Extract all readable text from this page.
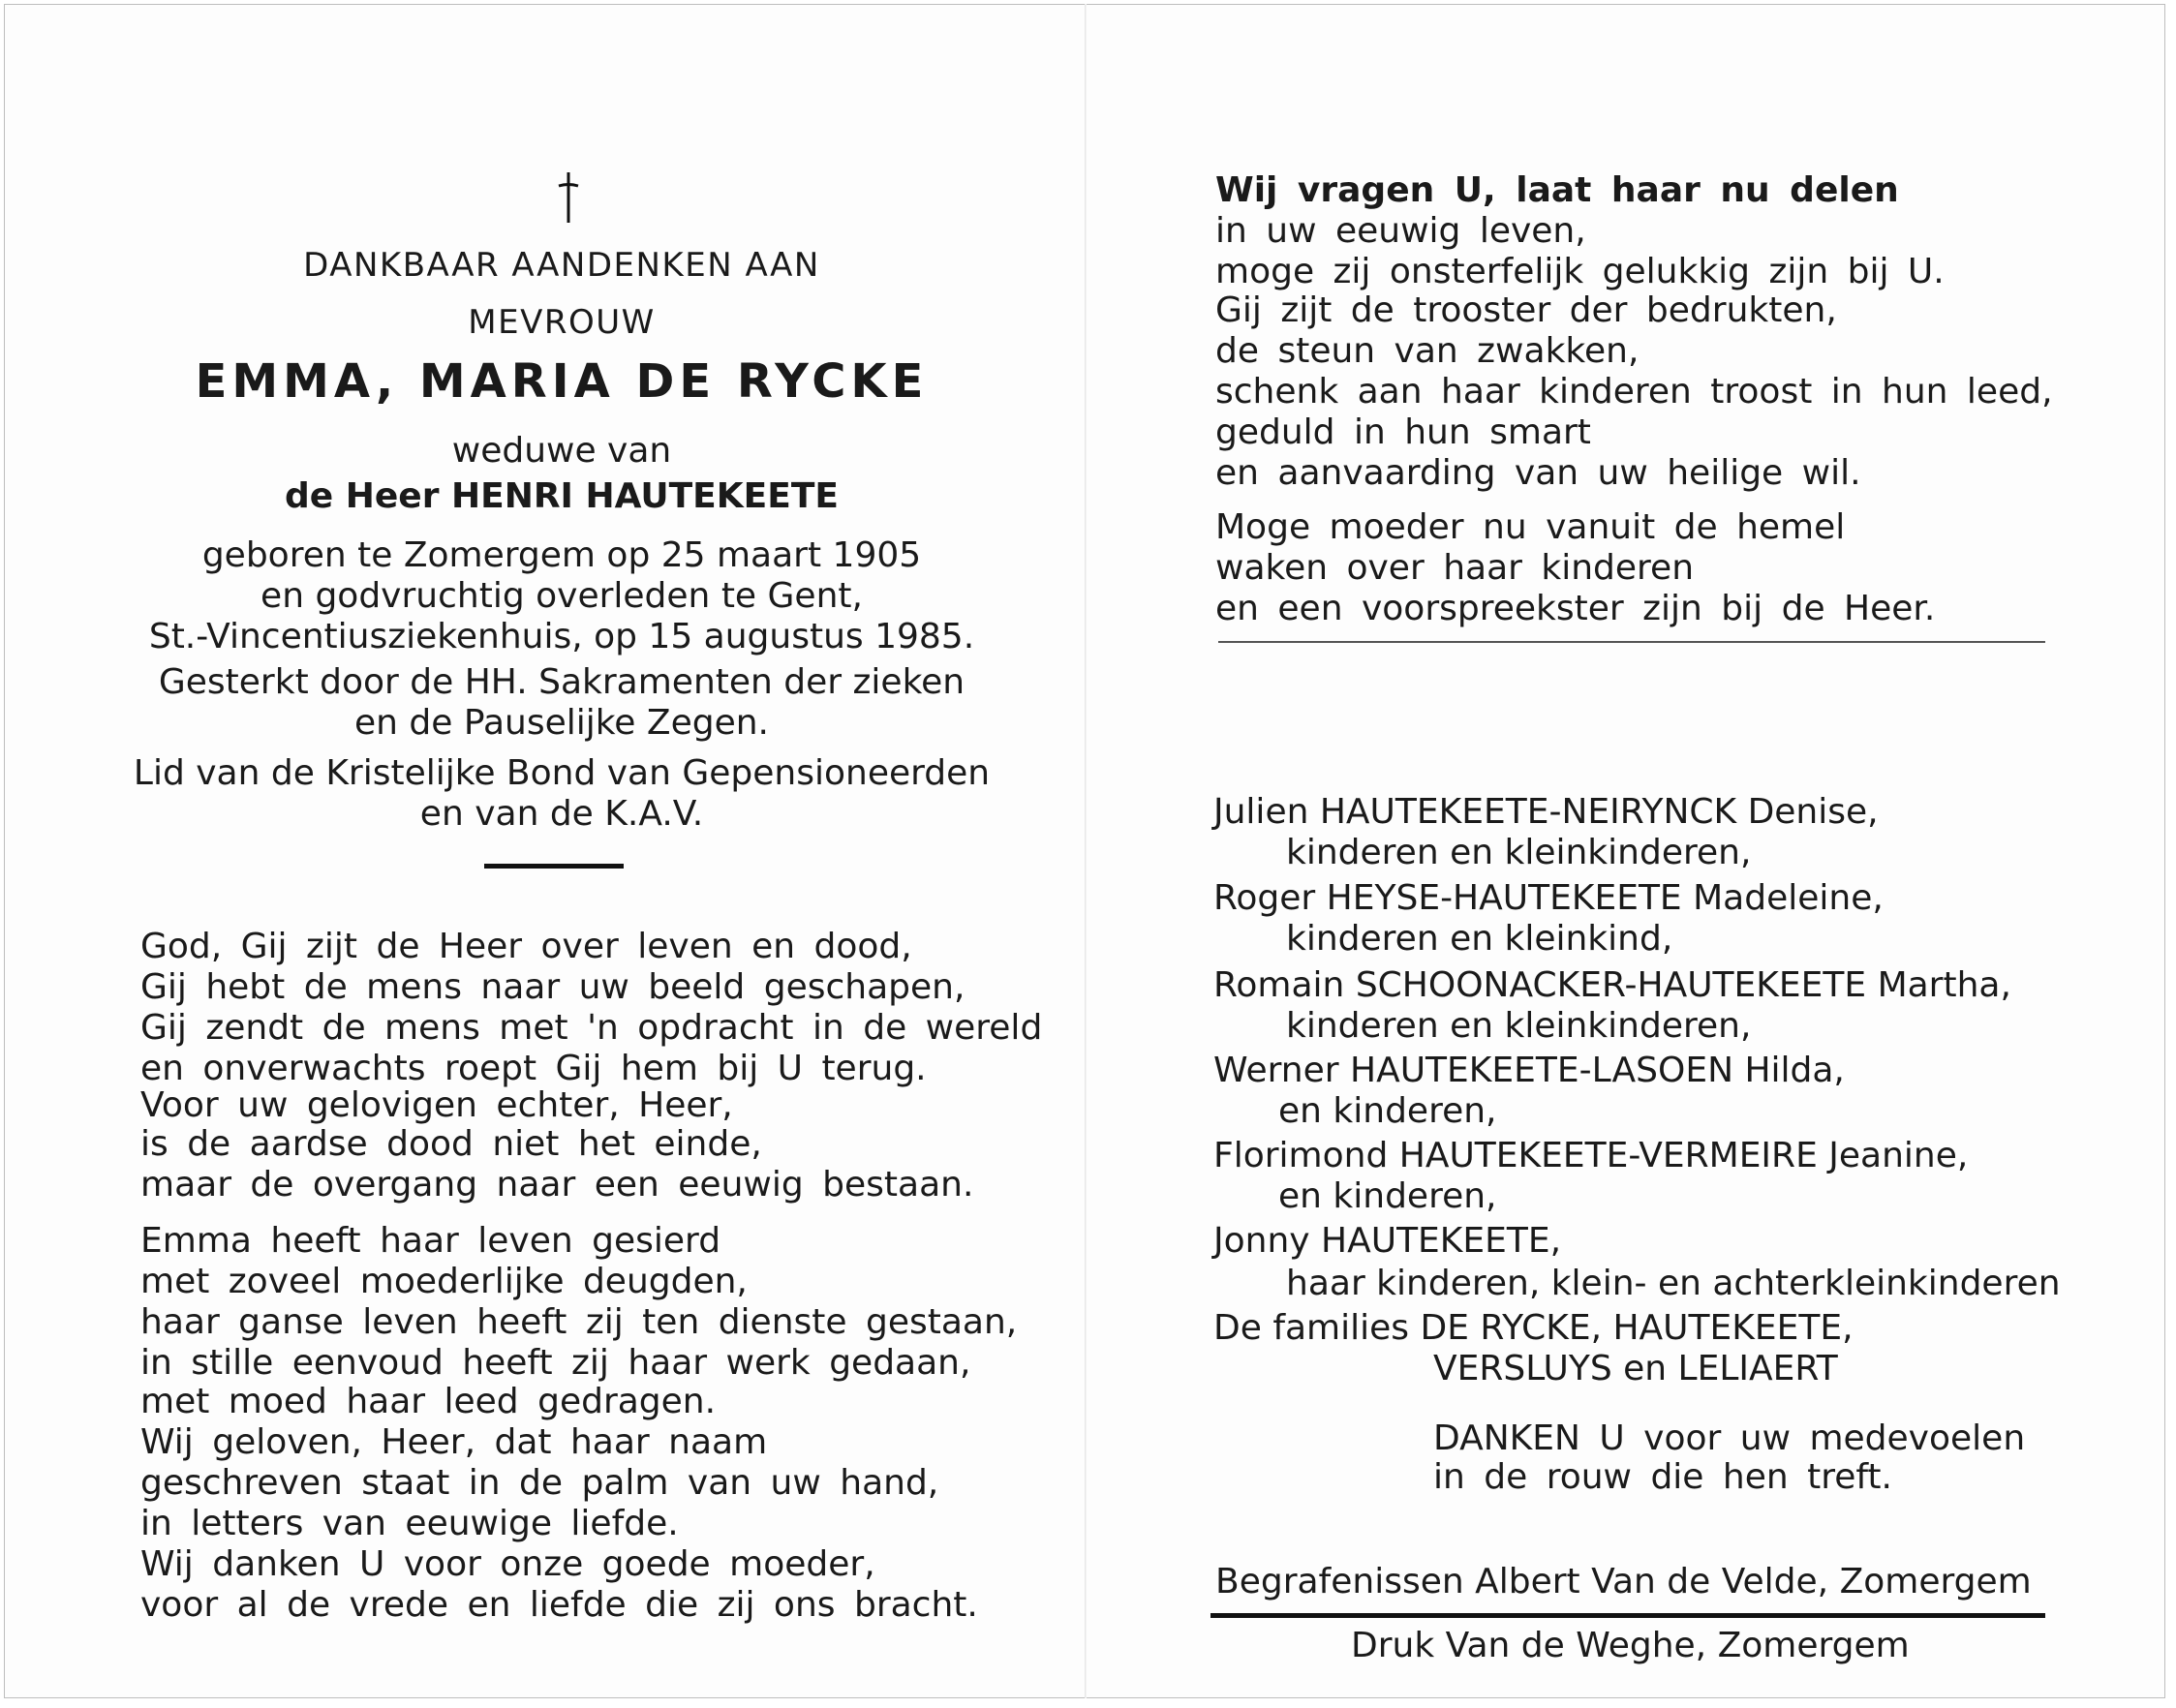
DANKBAAR AANDENKEN AAN
MEVROUW
EMMA, MARIA DE RYCKE
weduwe van
de Heer HENRI HAUTEKEETE
geboren te Zomergem op 25 maart 1905
en godvruchtig overleden te Gent,
St.-Vincentiusziekenhuis, op 15 augustus 1985.
Gesterkt door de HH. Sakramenten der zieken
en de Pauselijke Zegen.
Lid van de Kristelijke Bond van Gepensioneerden
en van de K.A.V.
God, Gij zijt de Heer over leven en dood,
Gij hebt de mens naar uw beeld geschapen,
Gij zendt de mens met 'n opdracht in de wereld
en onverwachts roept Gij hem bij U terug.
Voor uw gelovigen echter, Heer,
is de aardse dood niet het einde,
maar de overgang naar een eeuwig bestaan.
Emma heeft haar leven gesierd
met zoveel moederlijke deugden,
haar ganse leven heeft zij ten dienste gestaan,
in stille eenvoud heeft zij haar werk gedaan,
met moed haar leed gedragen.
Wij geloven, Heer, dat haar naam
geschreven staat in de palm van uw hand,
in letters van eeuwige liefde.
Wij danken U voor onze goede moeder,
voor al de vrede en liefde die zij ons bracht.
Wij vragen U, laat haar nu delen
in uw eeuwig leven,
moge zij onsterfelijk gelukkig zijn bij U.
Gij zijt de trooster der bedrukten,
de steun van zwakken,
schenk aan haar kinderen troost in hun leed,
geduld in hun smart
en aanvaarding van uw heilige wil.
Moge moeder nu vanuit de hemel
waken over haar kinderen
en een voorspreekster zijn bij de Heer.
Julien HAUTEKEETE-NEIRYNCK Denise,
kinderen en kleinkinderen,
Roger HEYSE-HAUTEKEETE Madeleine,
kinderen en kleinkind,
Romain SCHOONACKER-HAUTEKEETE Martha,
kinderen en kleinkinderen,
Werner HAUTEKEETE-LASOEN Hilda,
en kinderen,
Florimond HAUTEKEETE-VERMEIRE Jeanine,
en kinderen,
Jonny HAUTEKEETE,
haar kinderen, klein- en achterkleinkinderen
De families DE RYCKE, HAUTEKEETE,
VERSLUYS en LELIAERT
DANKEN U voor uw medevoelen
in de rouw die hen treft.
Begrafenissen Albert Van de Velde, Zomergem
Druk Van de Weghe, Zomergem
